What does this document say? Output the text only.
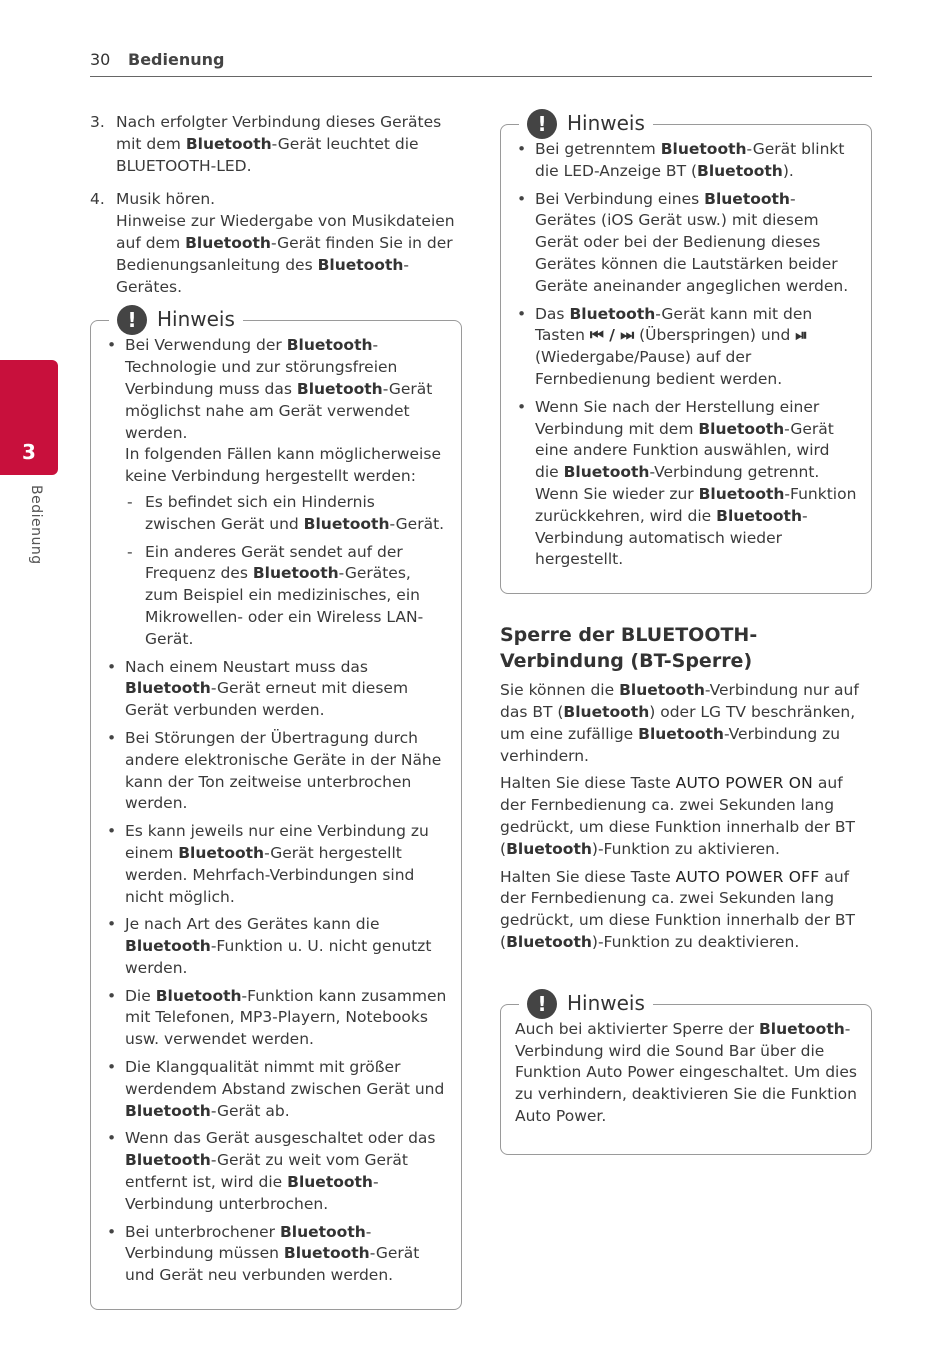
30 Bedienung
3
Bedienung
3. Nach erfolgter Verbindung dieses Gerätes mit dem Bluetooth-Gerät leuchtet die BLUETOOTH-LED.
4. Musik hören.
Hinweise zur Wiedergabe von Musikdateien auf dem Bluetooth-Gerät finden Sie in der Bedienungsanleitung des Bluetooth-Gerätes.
!	Hinweis
• Bei Verwendung der Bluetooth-Technologie und zur störungsfreien Verbindung muss das Bluetooth-Gerät möglichst nahe am Gerät verwendet werden.
In folgenden Fällen kann möglicherweise keine Verbindung hergestellt werden:
- Es befindet sich ein Hindernis zwischen Gerät und Bluetooth-Gerät.
- Ein anderes Gerät sendet auf der Frequenz des Bluetooth-Gerätes, zum Beispiel ein medizinisches, ein Mikrowellen- oder ein Wireless LAN-Gerät.
• Nach einem Neustart muss das Bluetooth-Gerät erneut mit diesem Gerät verbunden werden.
• Bei Störungen der Übertragung durch andere elektronische Geräte in der Nähe kann der Ton zeitweise unterbrochen werden.
• Es kann jeweils nur eine Verbindung zu einem Bluetooth-Gerät hergestellt werden. Mehrfach-Verbindungen sind nicht möglich.
• Je nach Art des Gerätes kann die Bluetooth-Funktion u. U. nicht genutzt werden.
• Die Bluetooth-Funktion kann zusammen mit Telefonen, MP3-Playern, Notebooks usw. verwendet werden.
• Die Klangqualität nimmt mit größer werdendem Abstand zwischen Gerät und Bluetooth-Gerät ab.
• Wenn das Gerät ausgeschaltet oder das Bluetooth-Gerät zu weit vom Gerät entfernt ist, wird die Bluetooth-Verbindung unterbrochen.
• Bei unterbrochener Bluetooth-Verbindung müssen Bluetooth-Gerät und Gerät neu verbunden werden.
!	Hinweis
• Bei getrenntem Bluetooth-Gerät blinkt die LED-Anzeige BT (Bluetooth).
• Bei Verbindung eines Bluetooth-Gerätes (iOS Gerät usw.) mit diesem Gerät oder bei der Bedienung dieses Gerätes können die Lautstärken beider Geräte aneinander angeglichen werden.
• Das Bluetooth-Gerät kann mit den Tasten ⏮ / ⏭ (Überspringen) und ⏯ (Wiedergabe/Pause) auf der Fernbedienung bedient werden.
• Wenn Sie nach der Herstellung einer Verbindung mit dem Bluetooth-Gerät eine andere Funktion auswählen, wird die Bluetooth-Verbindung getrennt. Wenn Sie wieder zur Bluetooth-Funktion zurückkehren, wird die Bluetooth-Verbindung automatisch wieder hergestellt.
Sperre der BLUETOOTH-Verbindung (BT-Sperre)

Sie können die Bluetooth-Verbindung nur auf das BT (Bluetooth) oder LG TV beschränken, um eine zufällige Bluetooth-Verbindung zu verhindern.

Halten Sie diese Taste AUTO POWER ON auf der Fernbedienung ca. zwei Sekunden lang gedrückt, um diese Funktion innerhalb der BT (Bluetooth)-Funktion zu aktivieren.

Halten Sie diese Taste AUTO POWER OFF auf der Fernbedienung ca. zwei Sekunden lang gedrückt, um diese Funktion innerhalb der BT (Bluetooth)-Funktion zu deaktivieren.

!	Hinweis

Auch bei aktivierter Sperre der Bluetooth-Verbindung wird die Sound Bar über die Funktion Auto Power eingeschaltet. Um dies zu verhindern, deaktivieren Sie die Funktion Auto Power.
